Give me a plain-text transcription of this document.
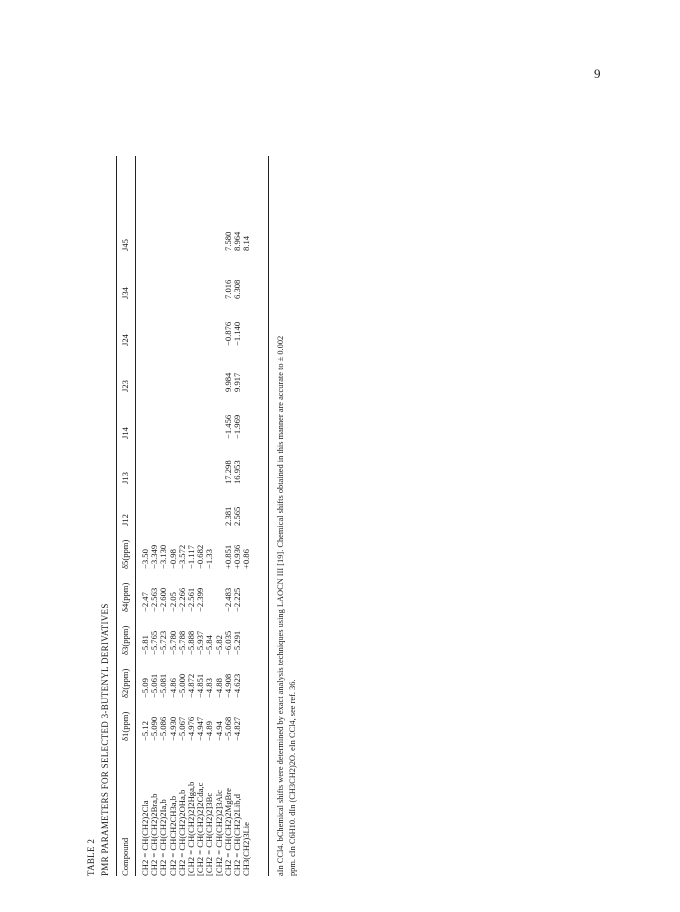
9
TABLE 2 PMR PARAMETERS FOR SELECTED 3-BUTENYL DERIVATIVES Compound
δ1(ppm)
δ2(ppm)
δ3(ppm)
δ4(ppm)
δ5(ppm)
J12
J13
J14
J23
J24
J34
J45
CH2 = CH(CH2)2Cla CH2 = CH(CH2)2Bra,b CH2 = CH(CH2)2Ia,b CH2 = CHCH2CH3a,b CH2 = CH(CH2)2OHa,b [CH2 = CH(CH2)2]2Hga,b [CH2 = CH(CH2)2]2Cda,c [CH2 = CH(CH2)2]3Bc [CH2 = CH(CH2)2]3Alc CH2 = CH(CH2)2MgBre CH2 = CH(CH2)2Lib,d CH3(CH2)3Lie
−5.12 −5.090 −5.086 −4.930 −5.067 −4.976 −4.947 −4.89 −4.94 −5.068 −4.827
−5.09 −5.061 −5.081 −4.86 −5.000 −4.872 −4.851 −4.83 −4.88 −4.908 −4.623
−5.81 −5.765 −5.723 −5.780 −5.788 −5.888 −5.937 −5.84 −5.82 −6.035 −5.291
−2.47 −2.563 −2.600 −2.05 −2.266 −2.561 −2.399 −2.483 −2.225
−3.50 −3.349 −3.130 −0.98 −3.572 −1.117 −0.682 −1.33 +0.851 +0.936 +0.86
2.381 2.565
17.298 16.953
−1.456 −1.969
9.984 9.917
−0.876 −1.140
7.016 6.308
7.580 8.964 8.14
aIn CCl4. bChemical shifts were determined by exact analysis techniques using LAOCN III [19]. Chemical shifts obtained in this manner are accurate to ± 0.002 ppm. cIn C6H10. dIn (CH3CH2)2O. eIn CCl4, see ref. 36.
